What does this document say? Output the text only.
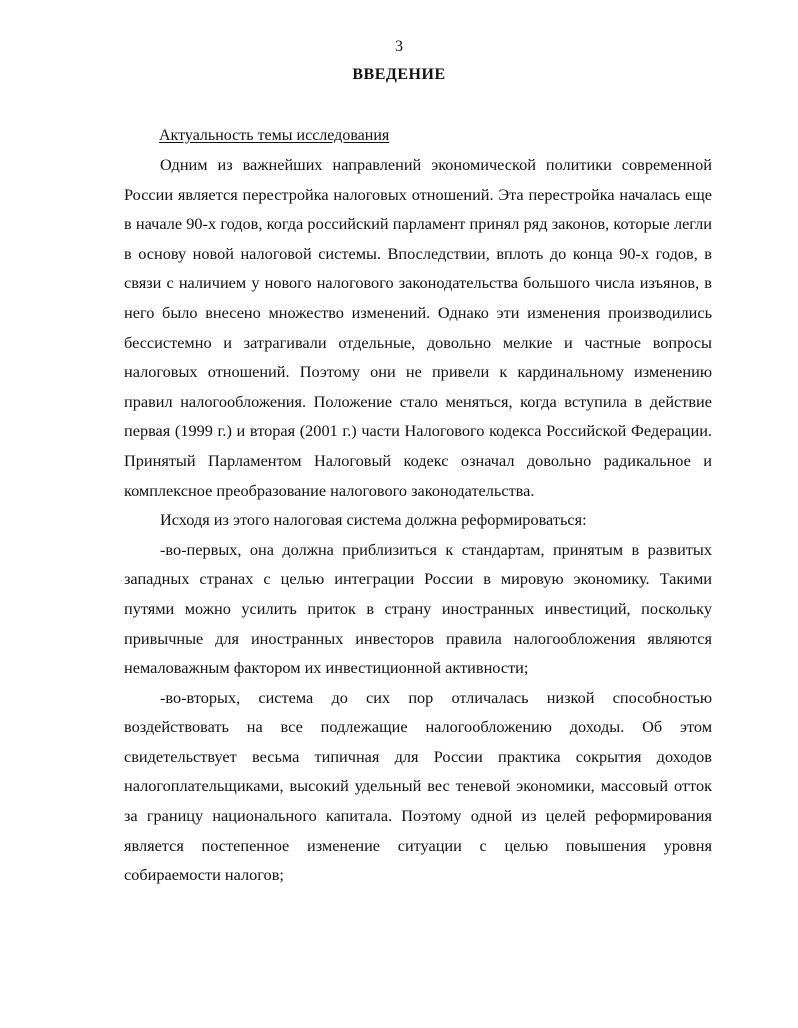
3
ВВЕДЕНИЕ
Актуальность темы исследования

Одним из важнейших направлений экономической политики современной России является перестройка налоговых отношений. Эта перестройка началась еще в начале 90-х годов, когда российский парламент принял ряд законов, которые легли в основу новой налоговой системы. Впоследствии, вплоть до конца 90-х годов, в связи с наличием у нового налогового законодательства большого числа изъянов, в него было внесено множество изменений. Однако эти изменения производились бессистемно и затрагивали отдельные, довольно мелкие и частные вопросы налоговых отношений. Поэтому они не привели к кардинальному изменению правил налогообложения. Положение стало меняться, когда вступила в действие первая (1999 г.) и вторая (2001 г.) части Налогового кодекса Российской Федерации. Принятый Парламентом Налоговый кодекс означал довольно радикальное и комплексное преобразование налогового законодательства.

Исходя из этого налоговая система должна реформироваться:

-во-первых, она должна приблизиться к стандартам, принятым в развитых западных странах с целью интеграции России в мировую экономику. Такими путями можно усилить приток в страну иностранных инвестиций, поскольку привычные для иностранных инвесторов правила налогообложения являются немаловажным фактором их инвестиционной активности;

-во-вторых, система до сих пор отличалась низкой способностью воздействовать на все подлежащие налогообложению доходы. Об этом свидетельствует весьма типичная для России практика сокрытия доходов налогоплательщиками, высокий удельный вес теневой экономики, массовый отток за границу национального капитала. Поэтому одной из целей реформирования является постепенное изменение ситуации с целью повышения уровня собираемости налогов;
